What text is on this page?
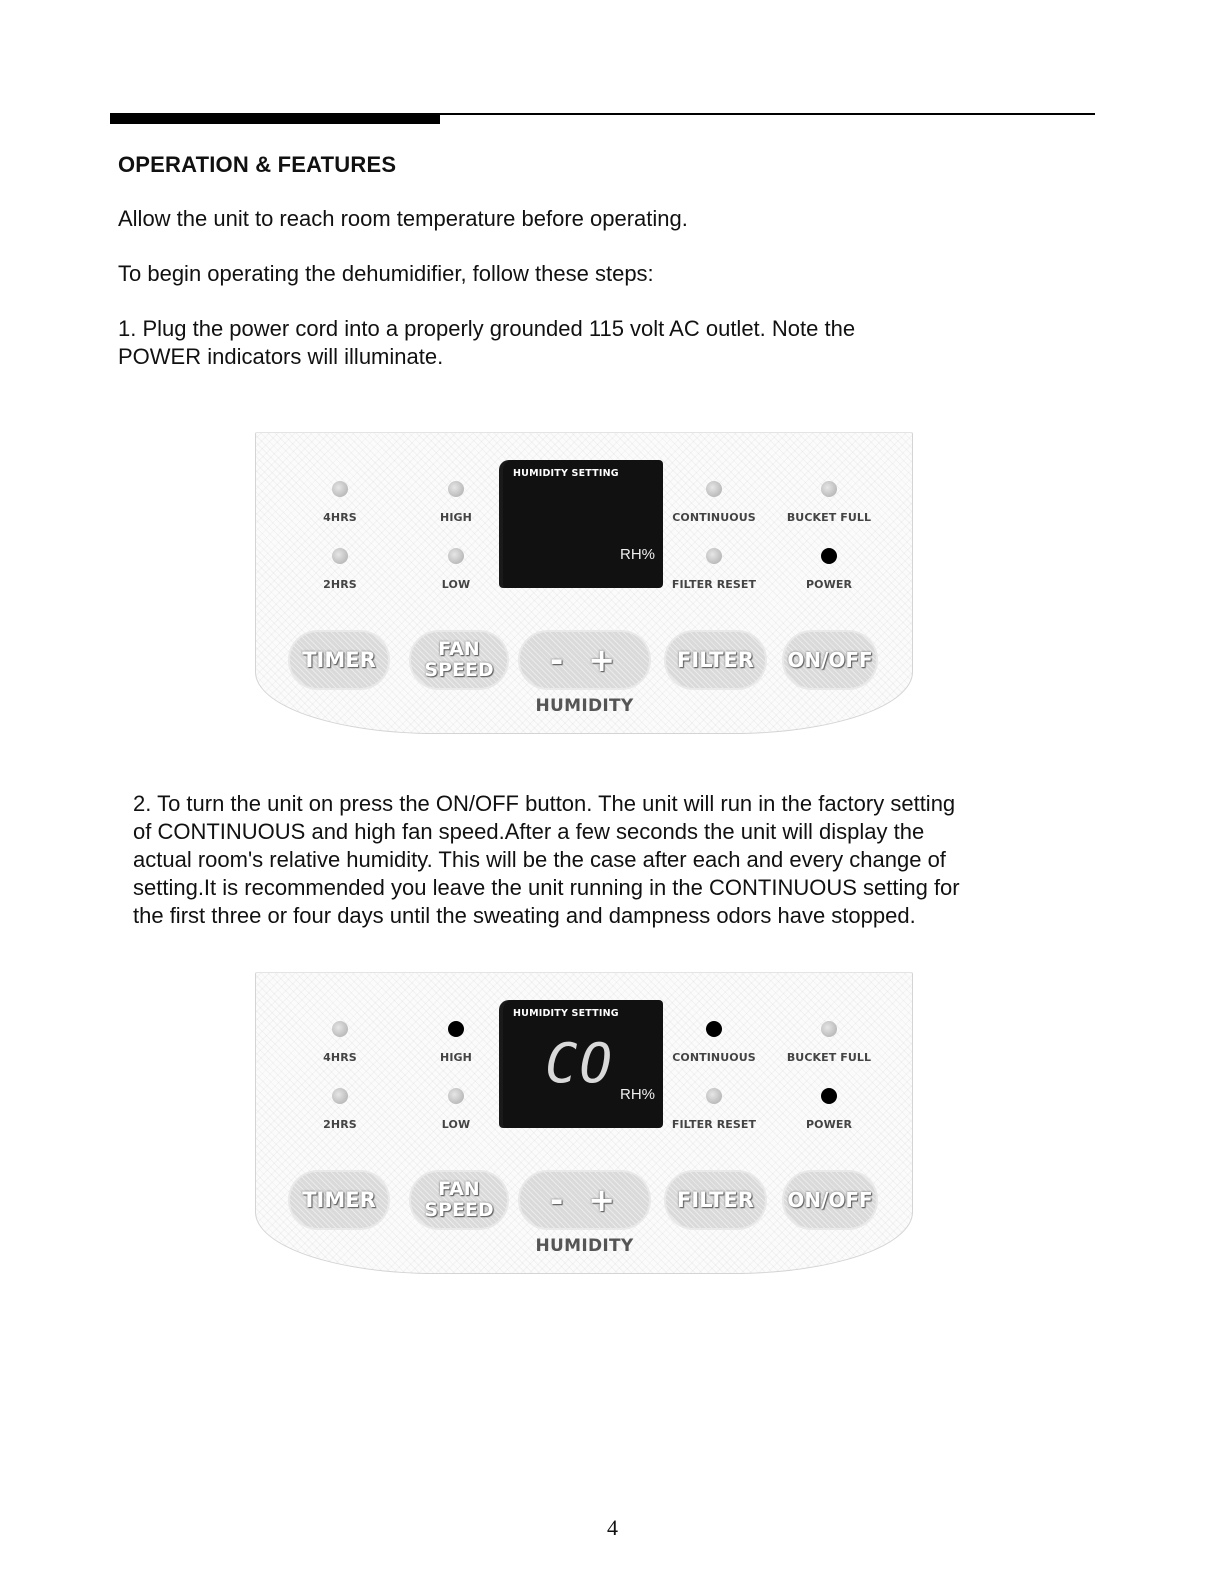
OPERATION & FEATURES

Allow the unit to reach room temperature before operating.

To begin operating the dehumidifier, follow these steps:

1. Plug the power cord into a properly grounded 115 volt AC outlet. Note the POWER indicators will illuminate.

4HRS
2HRS
HIGH
LOW
HUMIDITY SETTING
RH%
CONTINUOUS
FILTER RESET
BUCKET FULL
POWER
TIMER	FAN
SPEED - +	FILTER ON/OFF
HUMIDITY

2. To turn the unit on press the ON/OFF button. The unit will run in the factory setting of CONTINUOUS and high fan speed.After a few seconds the unit will display the actual room's relative humidity. This will be the case after each and every change of setting.It is recommended you leave the unit running in the CONTINUOUS setting for the first three or four days until the sweating and dampness odors have stopped.

4HRS
2HRS
HIGH
LOW
HUMIDITY SETTING
CO RH%
CONTINUOUS
FILTER RESET
BUCKET FULL
POWER
TIMER	FAN
SPEED - +	FILTER ON/OFF
HUMIDITY
4
